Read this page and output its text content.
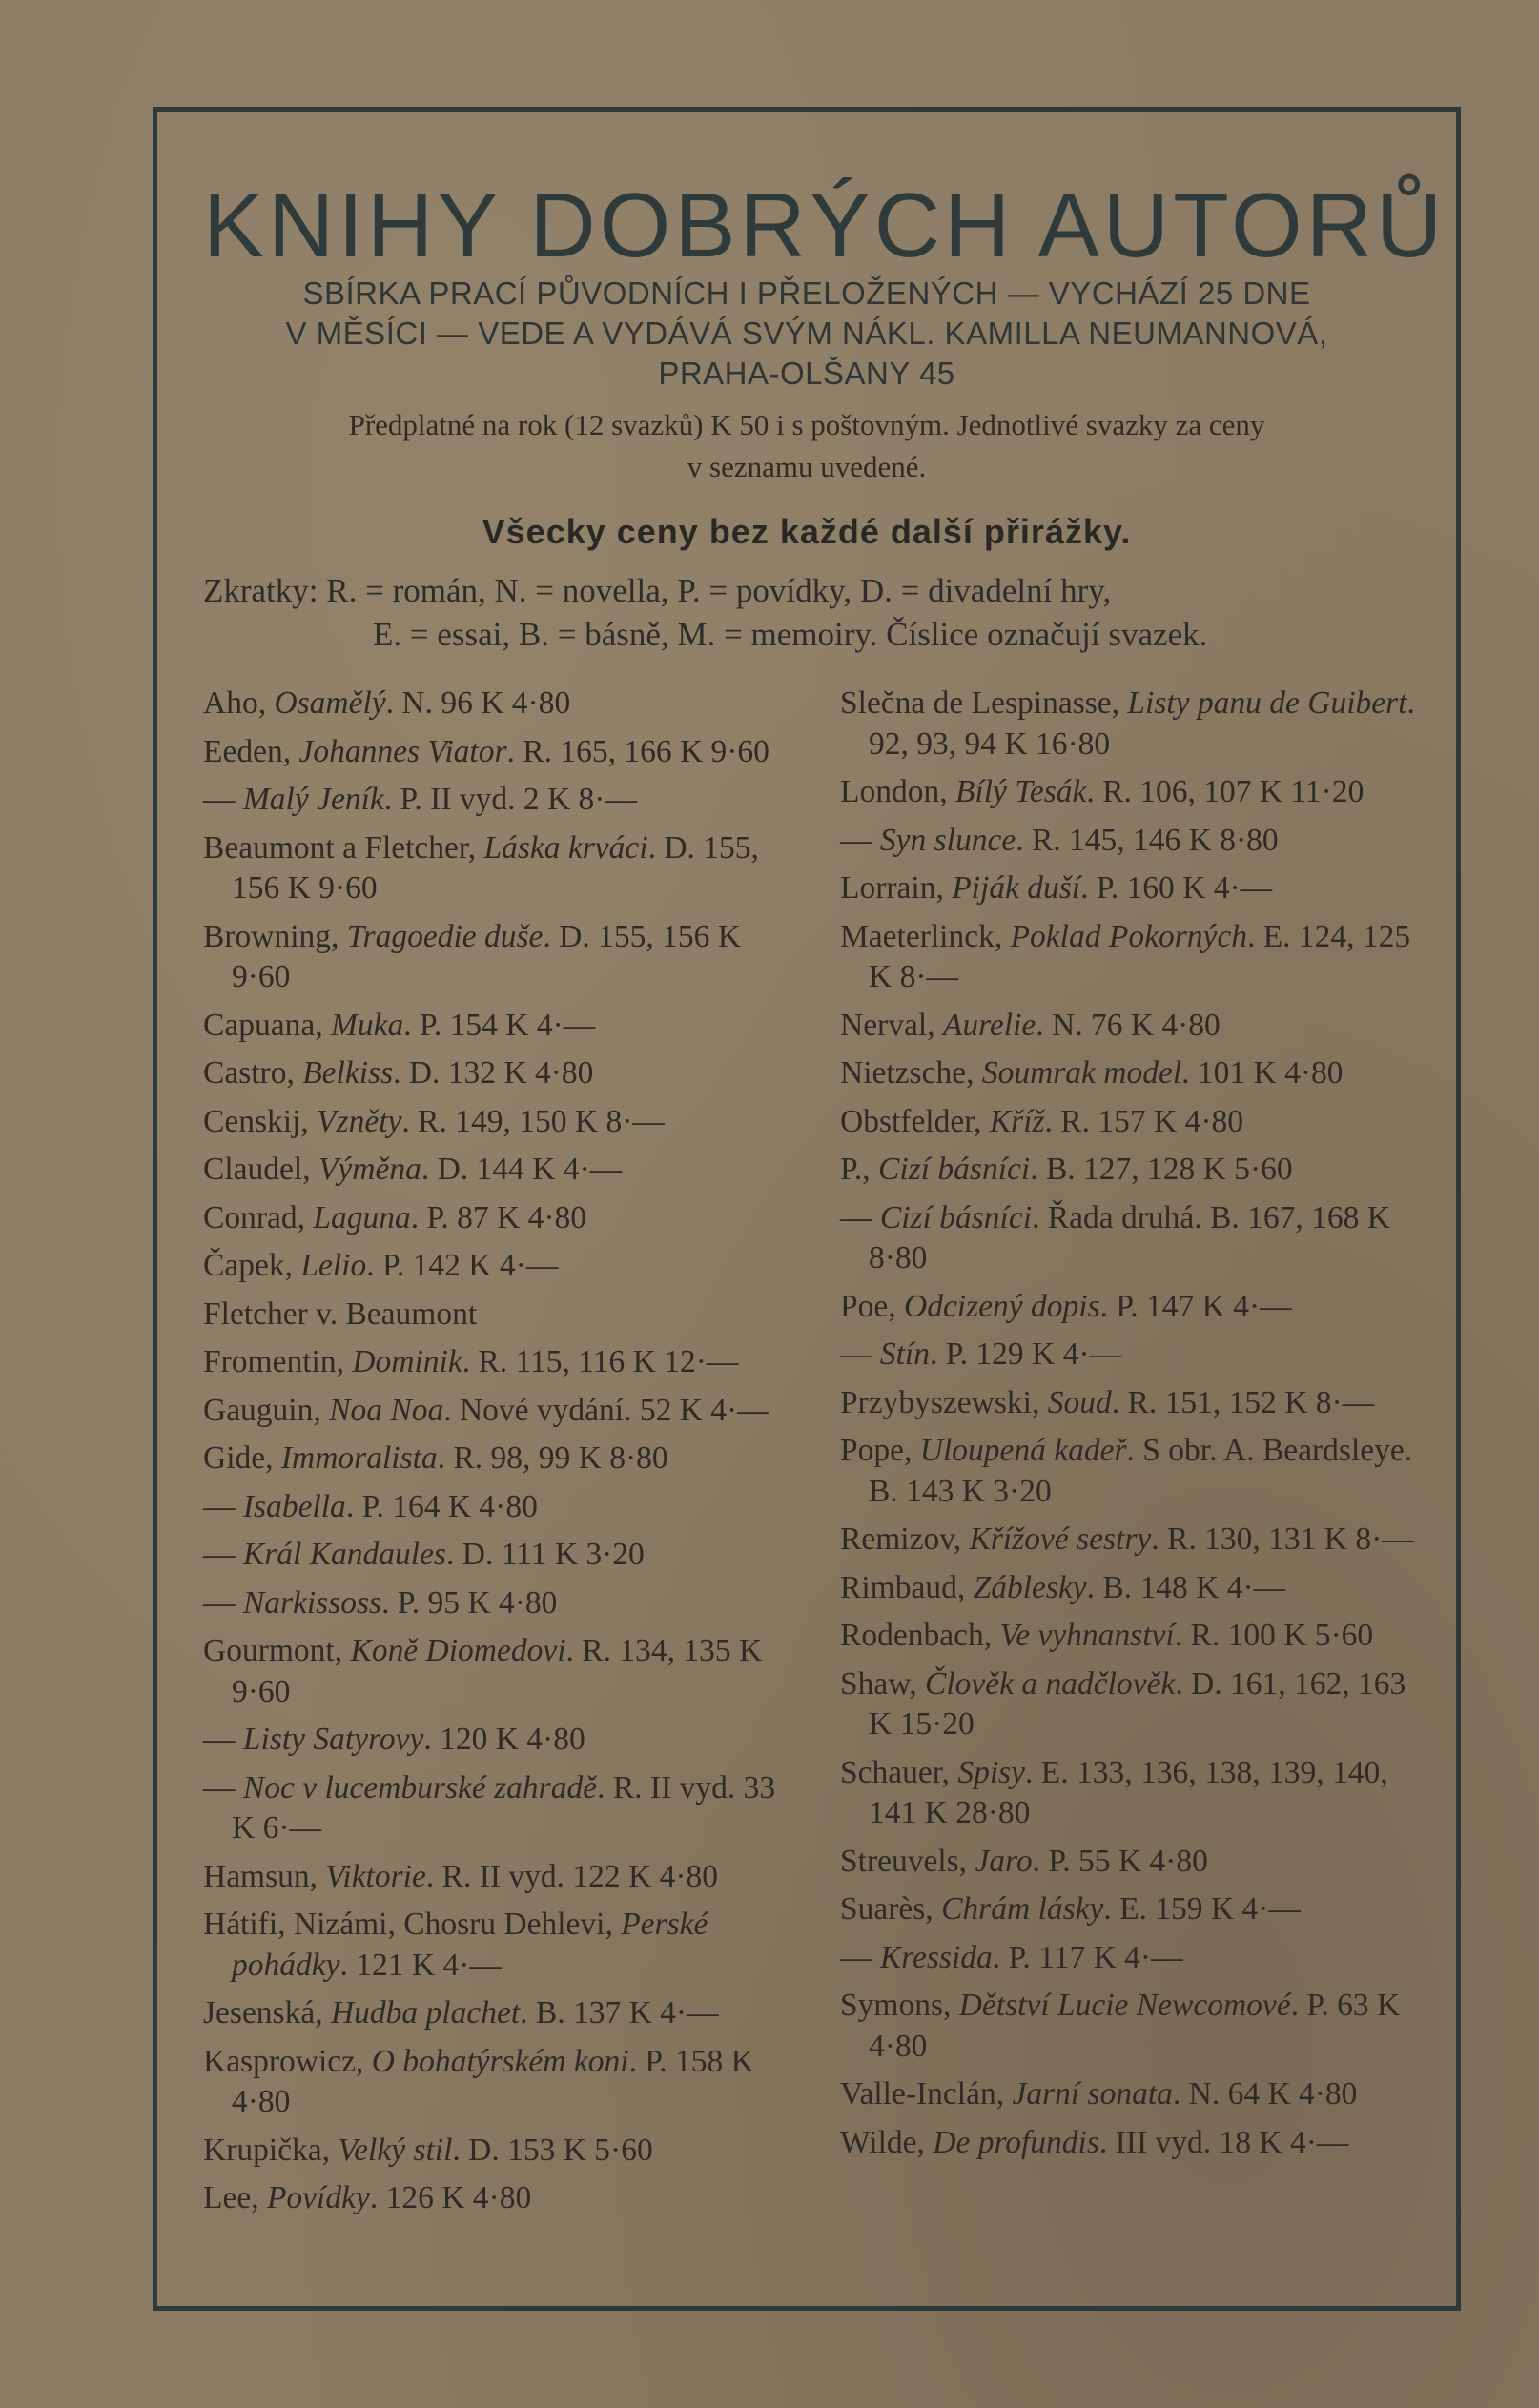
KNIHY DOBRÝCH AUTORŮ
SBÍRKA PRACÍ PŮVODNÍCH I PŘELOŽENÝCH — VYCHÁZÍ 25 DNE
V MĚSÍCI — VEDE A VYDÁVÁ SVÝM NÁKL. KAMILLA NEUMANNOVÁ,
PRAHA-OLŠANY 45
Předplatné na rok (12 svazků) K 50 i s poštovným. Jednotlivé svazky za ceny
v seznamu uvedené.
Všecky ceny bez každé další přirážky.
Zkratky: R. = román, N. = novella, P. = povídky, D. = divadelní hry,
E. = essai, B. = básně, M. = memoiry. Číslice označují svazek.
Aho, Osamělý. N. 96 K 4·80
Eeden, Johannes Viator. R. 165, 166 K 9·60
— Malý Jeník. P. II vyd. 2 K 8·—
Beaumont a Fletcher, Láska krváci. D. 155, 156 K 9·60
Browning, Tragoedie duše. D. 155, 156 K 9·60
Capuana, Muka. P. 154 K 4·—
Castro, Belkiss. D. 132 K 4·80
Censkij, Vzněty. R. 149, 150 K 8·—
Claudel, Výměna. D. 144 K 4·—
Conrad, Laguna. P. 87 K 4·80
Čapek, Lelio. P. 142 K 4·—
Fletcher v. Beaumont
Fromentin, Dominik. R. 115, 116 K 12·—
Gauguin, Noa Noa. Nové vydání. 52 K 4·—
Gide, Immoralista. R. 98, 99 K 8·80
— Isabella. P. 164 K 4·80
— Král Kandaules. D. 111 K 3·20
— Narkissoss. P. 95 K 4·80
Gourmont, Koně Diomedovi. R. 134, 135 K 9·60
— Listy Satyrovy. 120 K 4·80
— Noc v lucemburské zahradě. R. II vyd. 33 K 6·—
Hamsun, Viktorie. R. II vyd. 122 K 4·80
Hátifi, Nizámi, Chosru Dehlevi, Perské pohádky. 121 K 4·—
Jesenská, Hudba plachet. B. 137 K 4·—
Kasprowicz, O bohatýrském koni. P. 158 K 4·80
Krupička, Velký stil. D. 153 K 5·60
Lee, Povídky. 126 K 4·80
Slečna de Lespinasse, Listy panu de Guibert. 92, 93, 94 K 16·80
London, Bílý Tesák. R. 106, 107 K 11·20
— Syn slunce. R. 145, 146 K 8·80
Lorrain, Piják duší. P. 160 K 4·—
Maeterlinck, Poklad Pokorných. E. 124, 125 K 8·—
Nerval, Aurelie. N. 76 K 4·80
Nietzsche, Soumrak model. 101 K 4·80
Obstfelder, Kříž. R. 157 K 4·80
P., Cizí básníci. B. 127, 128 K 5·60
— Cizí básníci. Řada druhá. B. 167, 168 K 8·80
Poe, Odcizený dopis. P. 147 K 4·—
— Stín. P. 129 K 4·—
Przybyszewski, Soud. R. 151, 152 K 8·—
Pope, Uloupená kadeř. S obr. A. Beardsleye. B. 143 K 3·20
Remizov, Křížové sestry. R. 130, 131 K 8·—
Rimbaud, Záblesky. B. 148 K 4·—
Rodenbach, Ve vyhnanství. R. 100 K 5·60
Shaw, Člověk a nadčlověk. D. 161, 162, 163 K 15·20
Schauer, Spisy. E. 133, 136, 138, 139, 140, 141 K 28·80
Streuvels, Jaro. P. 55 K 4·80
Suarès, Chrám lásky. E. 159 K 4·—
— Kressida. P. 117 K 4·—
Symons, Dětství Lucie Newcomové. P. 63 K 4·80
Valle-Inclán, Jarní sonata. N. 64 K 4·80
Wilde, De profundis. III vyd. 18 K 4·—
